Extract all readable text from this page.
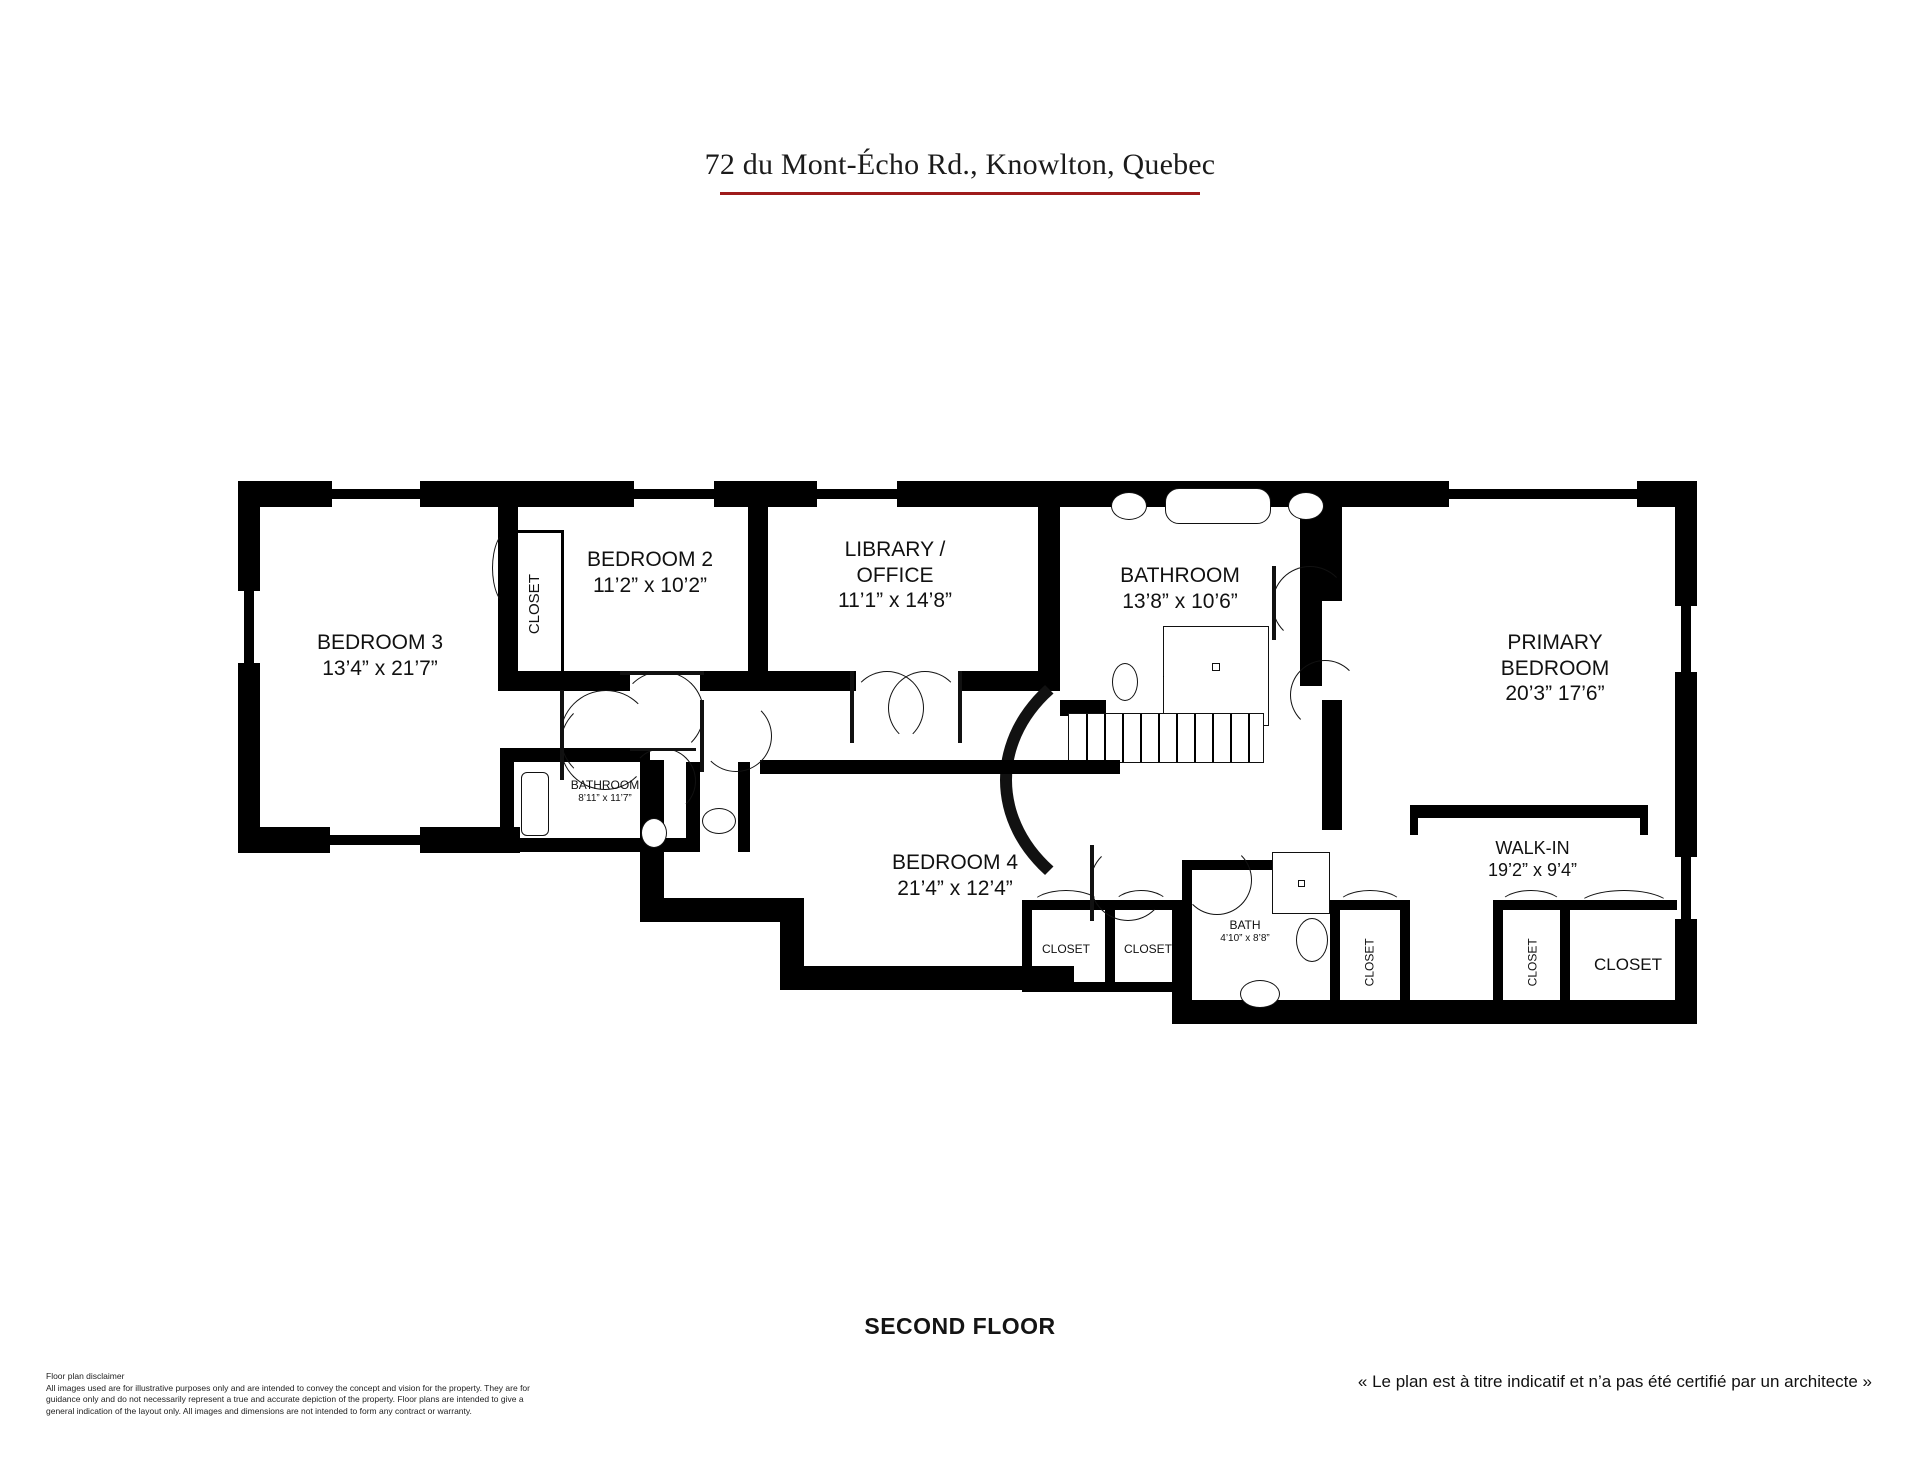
72 du Mont-Écho Rd., Knowlton, Quebec
CLOSET
BEDROOM 3
13’4” x 21’7”
BEDROOM 2
11’2” x 10’2”
LIBRARY /
OFFICE
11’1” x 14’8”
BATHROOM
13’8” x 10’6”
PRIMARY
BEDROOM
20’3” 17’6”
WALK-IN
19’2” x 9’4”
BATHROOM
8’11” x 11’7”
BEDROOM 4
21’4” x 12’4”
CLOSET	CLOSET
BATH
4’10” x 8’8”
CLOSET	CLOSET	CLOSET
SECOND FLOOR
« Le plan est à titre indicatif et n’a pas été certifié par un architecte »
Floor plan disclaimer
All images used are for illustrative purposes only and are intended to convey the concept and vision for the property. They are for guidance only and do not necessarily represent a true and accurate depiction of the property. Floor plans are intended to give a general indication of the layout only. All images and dimensions are not intended to form any contract or warranty.
